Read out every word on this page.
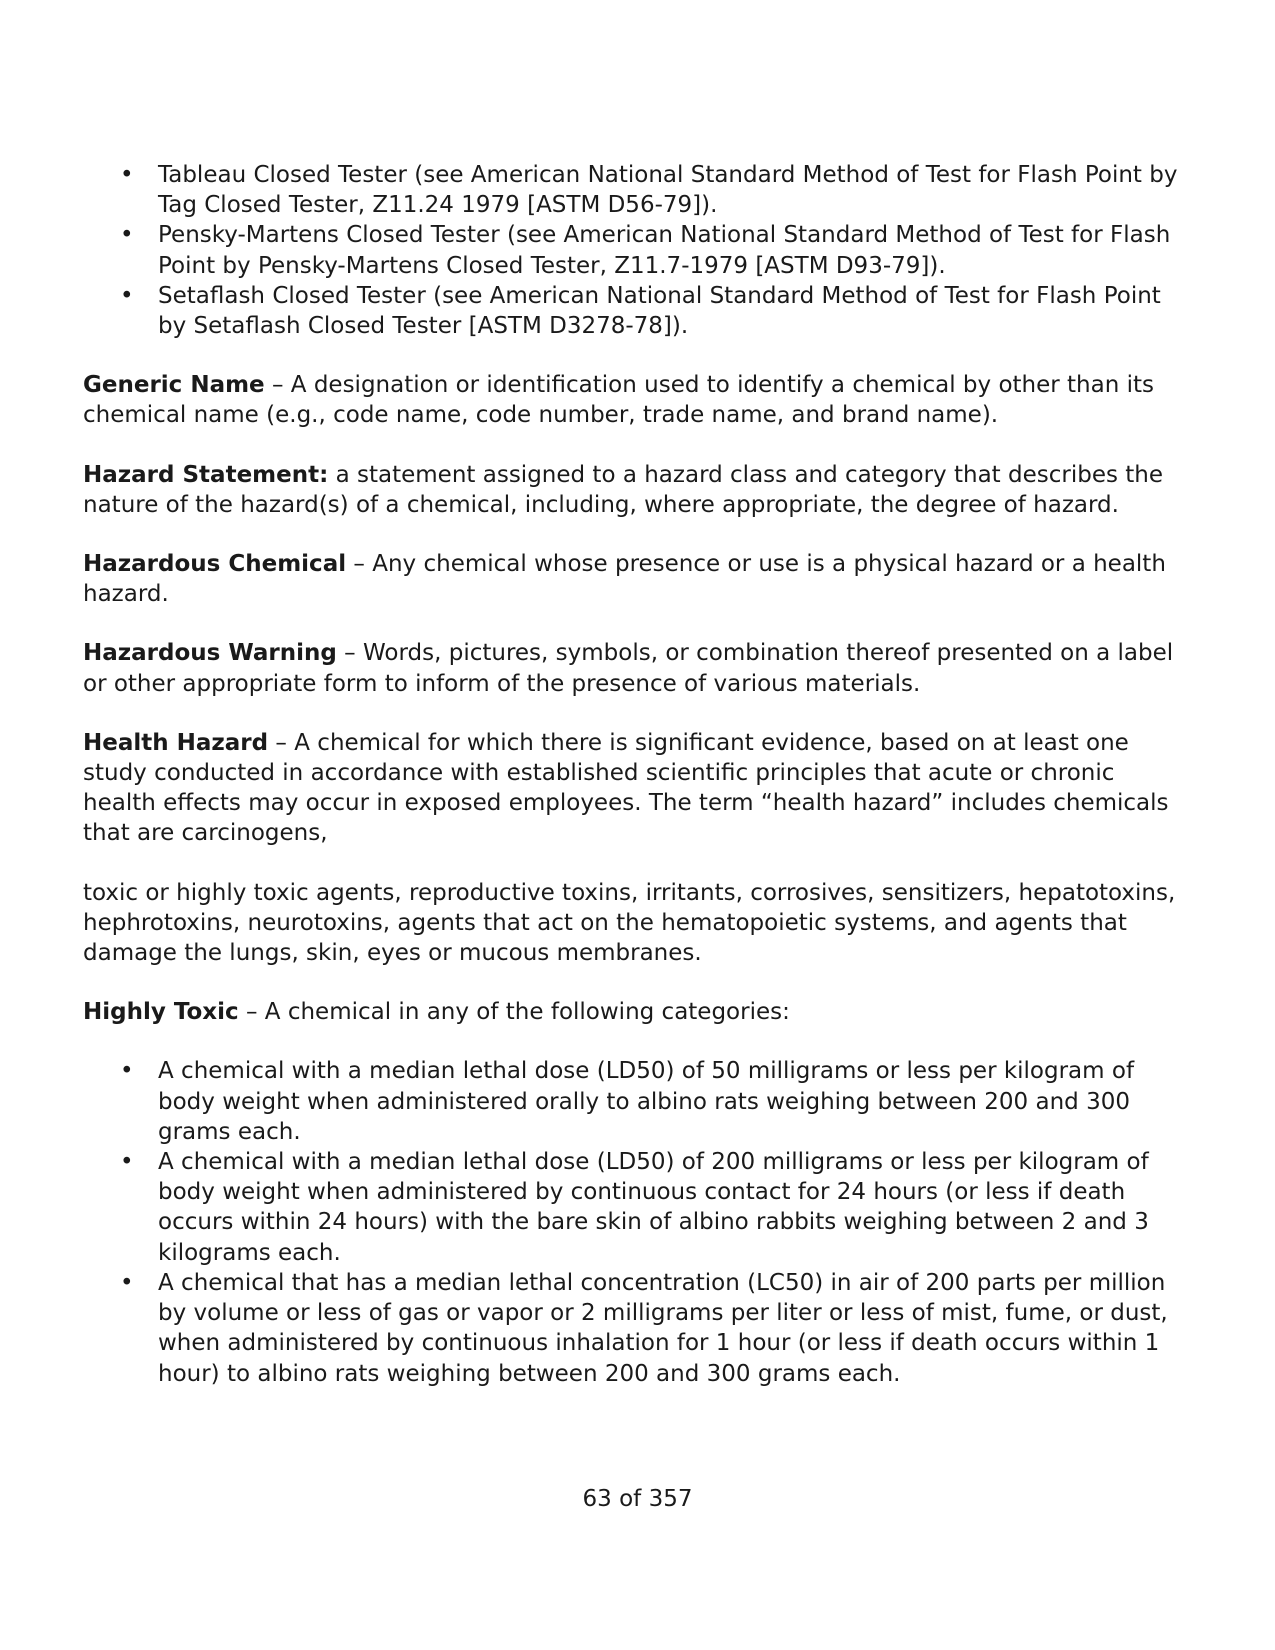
• Tableau Closed Tester (see American National Standard Method of Test for Flash Point by Tag Closed Tester, Z11.24 1979 [ASTM D56-79]).
• Pensky-Martens Closed Tester (see American National Standard Method of Test for Flash Point by Pensky-Martens Closed Tester, Z11.7-1979 [ASTM D93-79]).
• Setaflash Closed Tester (see American National Standard Method of Test for Flash Point by Setaflash Closed Tester [ASTM D3278-78]).

Generic Name – A designation or identification used to identify a chemical by other than its chemical name (e.g., code name, code number, trade name, and brand name).

Hazard Statement: a statement assigned to a hazard class and category that describes the nature of the hazard(s) of a chemical, including, where appropriate, the degree of hazard.

Hazardous Chemical – Any chemical whose presence or use is a physical hazard or a health hazard.

Hazardous Warning – Words, pictures, symbols, or combination thereof presented on a label or other appropriate form to inform of the presence of various materials.

Health Hazard – A chemical for which there is significant evidence, based on at least one study conducted in accordance with established scientific principles that acute or chronic health effects may occur in exposed employees. The term “health hazard” includes chemicals that are carcinogens,

toxic or highly toxic agents, reproductive toxins, irritants, corrosives, sensitizers, hepatotoxins, hephrotoxins, neurotoxins, agents that act on the hematopoietic systems, and agents that damage the lungs, skin, eyes or mucous membranes.

Highly Toxic – A chemical in any of the following categories:

• A chemical with a median lethal dose (LD50) of 50 milligrams or less per kilogram of body weight when administered orally to albino rats weighing between 200 and 300 grams each.
• A chemical with a median lethal dose (LD50) of 200 milligrams or less per kilogram of body weight when administered by continuous contact for 24 hours (or less if death occurs within 24 hours) with the bare skin of albino rabbits weighing between 2 and 3 kilograms each.
• A chemical that has a median lethal concentration (LC50) in air of 200 parts per million by volume or less of gas or vapor or 2 milligrams per liter or less of mist, fume, or dust, when administered by continuous inhalation for 1 hour (or less if death occurs within 1 hour) to albino rats weighing between 200 and 300 grams each.
63 of 357
